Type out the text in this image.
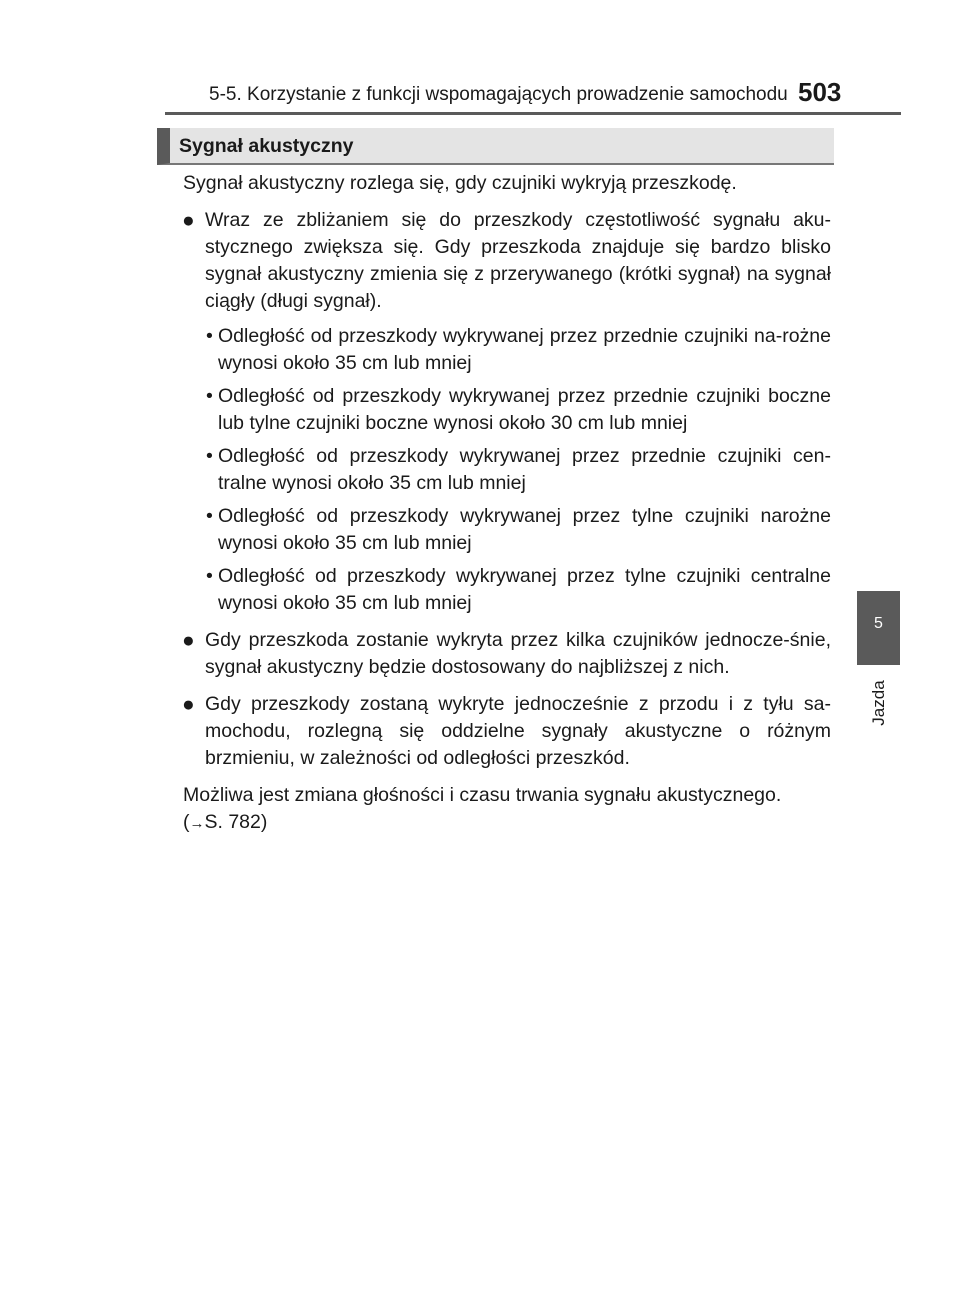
5-5. Korzystanie z funkcji wspomagających prowadzenie samochodu 503
Sygnał akustyczny
5
Jazda

Sygnał akustyczny rozlega się, gdy czujniki wykryją przeszkodę.

● Wraz ze zbliżaniem się do przeszkody częstotliwość sygnału aku-stycznego zwiększa się. Gdy przeszkoda znajduje się bardzo blisko sygnał akustyczny zmienia się z przerywanego (krótki sygnał) na sygnał ciągły (długi sygnał).

• Odległość od przeszkody wykrywanej przez przednie czujniki na-rożne wynosi około 35 cm lub mniej
• Odległość od przeszkody wykrywanej przez przednie czujniki boczne lub tylne czujniki boczne wynosi około 30 cm lub mniej
• Odległość od przeszkody wykrywanej przez przednie czujniki cen-tralne wynosi około 35 cm lub mniej
• Odległość od przeszkody wykrywanej przez tylne czujniki narożne wynosi około 35 cm lub mniej
• Odległość od przeszkody wykrywanej przez tylne czujniki centralne wynosi około 35 cm lub mniej

● Gdy przeszkoda zostanie wykryta przez kilka czujników jednocze-śnie, sygnał akustyczny będzie dostosowany do najbliższej z nich.

● Gdy przeszkody zostaną wykryte jednocześnie z przodu i z tyłu sa-mochodu, rozlegną się oddzielne sygnały akustyczne o różnym brzmieniu, w zależności od odległości przeszkód.

Możliwa jest zmiana głośności i czasu trwania sygnału akustycznego.
(→S. 782)
